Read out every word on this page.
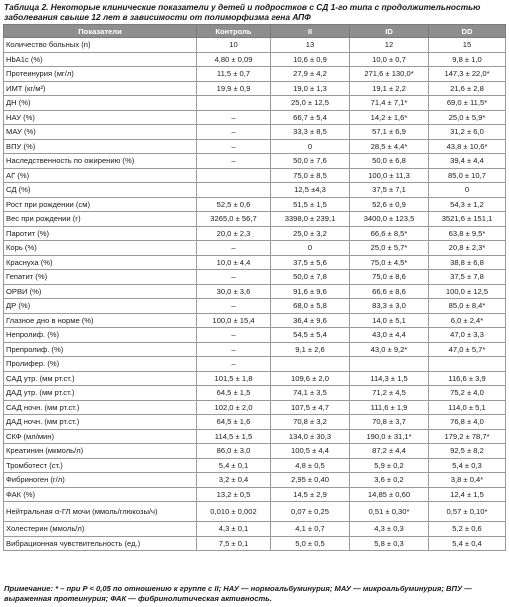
Таблица 2. Некоторые клинические показатели у детей и подростков с СД 1-го типа с продолжительностью заболевания свыше 12 лет в зависимости от полиморфизма гена АПФ
Показатели	Контроль	II	ID	DD
Количество больных (n)	10	13	12	15
HbA1c (%)	4,80 ± 0,09	10,6 ± 0,9	10,0 ± 0,7	9,8 ± 1,0
Протеинурия (мг/л)	11,5 ± 0,7	27,9 ± 4,2	271,6 ± 130,0*	147,3 ± 22,0*
ИМТ (кг/м²)	19,9 ± 0,9	19,0 ± 1,3	19,1 ± 2,2	21,6 ± 2,8
ДН (%)		25,0 ± 12,5	71,4 ± 7,1*	69,0 ± 11,5*
НАУ (%)	–	66,7 ± 5,4	14,2 ± 1,6*	25,0 ± 5,9*
МАУ (%)	–	33,3 ± 8,5	57,1 ± 6,9	31,2 ± 6,0
ВПУ (%)	–	0	28,5 ± 4,4*	43,8 ± 10,6*
Наследственность по ожирению (%)	–	50,0 ± 7,6	50,0 ± 6,8	39,4 ± 4,4
АГ (%)		75,0 ± 8,5	100,0 ± 11,3	85,0 ± 10,7
СД (%)		12,5 ±4,3	37,5 ± 7,1	0
Рост при рождении (см)	52,5 ± 0,6	51,5 ± 1,5	52,6 ± 0,9	54,3 ± 1,2
Вес при рождении (г)	3265,0 ± 56,7	3398,0 ± 239,1	3400,0 ± 123,5	3521,6 ± 151,1
Паротит (%)	20,0 ± 2,3	25,0 ± 3,2	66,6 ± 8,5*	63,8 ± 9,5*
Корь (%)	–	0	25,0 ± 5,7*	20,8 ± 2,3*
Краснуха (%)	10,0 ± 4,4	37,5 ± 5,6	75,0 ± 4,5*	38,8 ± 6,8
Гепатит (%)	–	50,0 ± 7,8	75,0 ± 8,6	37,5 ± 7,8
ОРВИ (%)	30,0 ± 3,6	91,6 ± 9,6	66,6 ± 8,6	100,0 ± 12,5
ДР (%)	–	68,0 ± 5,8	83,3 ± 3,0	85,0 ± 8,4*
Глазное дно в норме (%)	100,0 ± 15,4	36,4 ± 9,6	14,0 ± 5,1	6,0 ± 2,4*
Непролиф. (%)	–	54,5 ± 5,4	43,0 ± 4,4	47,0 ± 3,3
Препролиф. (%)	–	9,1 ± 2,6	43,0 ± 9,2*	47,0 ± 5,7*
Пролифер. (%)	–			
САД утр. (мм рт.ст.)	101,5 ± 1,8	109,6 ± 2,0	114,3 ± 1,5	116,6 ± 3,9
ДАД утр. (мм рт.ст.)	64,5 ± 1,5	74,1 ± 3,5	71,2 ± 4,5	75,2 ± 4,0
САД ночн. (мм рт.ст.)	102,0 ± 2,0	107,5 ± 4,7	111,6 ± 1,9	114,0 ± 5,1
ДАД ночн. (мм рт.ст.)	64,5 ± 1,6	70,8 ± 3,2	70,8 ± 3,7	76,8 ± 4,0
СКФ (мл/мин)	114,5 ± 1,5	134,0 ± 30,3	190,0 ± 31,1*	179,2 ± 78,7*
Креатинин (мкмоль/л)	86,0 ± 3,0	100,5 ± 4,4	87,2 ± 4,4	92,5 ± 8,2
Тромботест (ст.)	5,4 ± 0,1	4,8 ± 0,5	5,9 ± 0,2	5,4 ± 0,3
Фибриноген (г/л)	3,2 ± 0,4	2,95 ± 0,40	3,6 ± 0,2	3,8 ± 0,4*
ФАК (%)	13,2 ± 0,5	14,5 ± 2,9	14,85 ± 0,60	12,4 ± 1,5
Нейтральная α-ГЛ мочи (ммоль/глюкозы/ч)	0,010 ± 0,002	0,07 ± 0,25	0,51 ± 0,30*	0,57 ± 0,10*
Холестерин (ммоль/л)	4,3 ± 0,1	4,1 ± 0,7	4,3 ± 0,3	5,2 ± 0,6
Вибрационная чувствительность (ед.)	7,5 ± 0,1	5,0 ± 0,5	5,8 ± 0,3	5,4 ± 0,4
Примечание: * – при P < 0,05 по отношению к группе с II; НАУ — нормоальбуминурия; МАУ — микроальбуминурия; ВПУ — выраженная протеинурия; ФАК — фибринолитическая активность.
